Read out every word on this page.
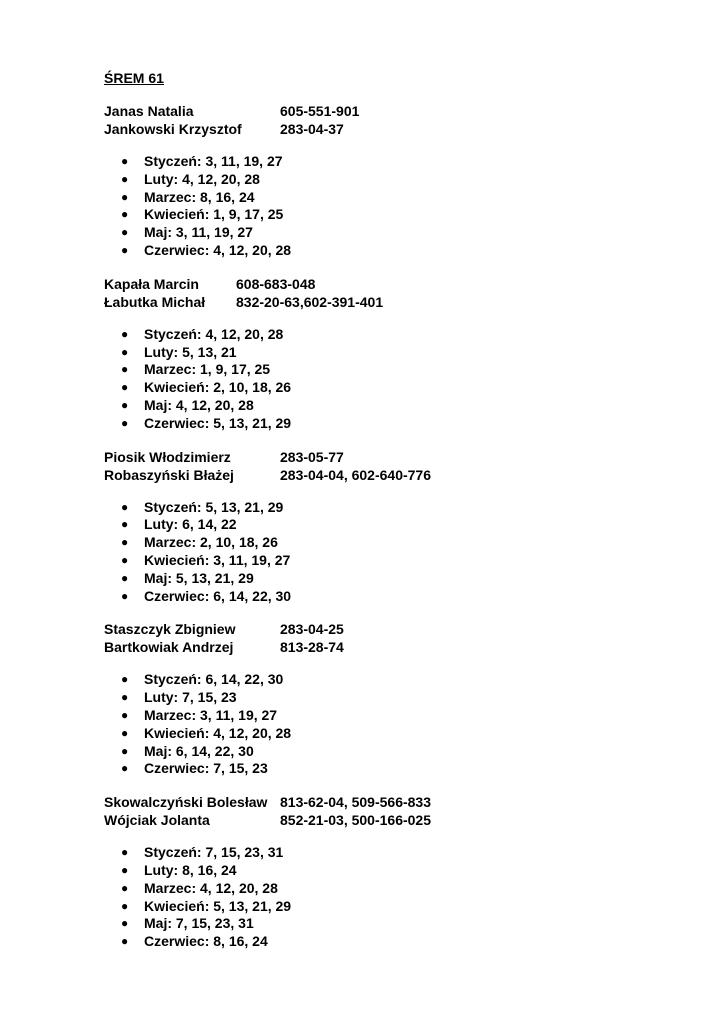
ŚREM 61
Janas Natalia	605-551-901
Jankowski Krzysztof	283-04-37
● Styczeń: 3, 11, 19, 27
● Luty: 4, 12, 20, 28
● Marzec: 8, 16, 24
● Kwiecień: 1, 9, 17, 25
● Maj: 3, 11, 19, 27
● Czerwiec: 4, 12, 20, 28
Kapała Marcin	608-683-048
Łabutka Michał	832-20-63,602-391-401
● Styczeń: 4, 12, 20, 28
● Luty: 5, 13, 21
● Marzec: 1, 9, 17, 25
● Kwiecień: 2, 10, 18, 26
● Maj: 4, 12, 20, 28
● Czerwiec: 5, 13, 21, 29
Piosik Włodzimierz	283-05-77
Robaszyński Błażej	283-04-04, 602-640-776
● Styczeń: 5, 13, 21, 29
● Luty: 6, 14, 22
● Marzec: 2, 10, 18, 26
● Kwiecień: 3, 11, 19, 27
● Maj: 5, 13, 21, 29
● Czerwiec: 6, 14, 22, 30
Staszczyk Zbigniew	283-04-25
Bartkowiak Andrzej	813-28-74
● Styczeń: 6, 14, 22, 30
● Luty: 7, 15, 23
● Marzec: 3, 11, 19, 27
● Kwiecień: 4, 12, 20, 28
● Maj: 6, 14, 22, 30
● Czerwiec: 7, 15, 23
Skowalczyński Bolesław 813-62-04, 509-566-833
Wójciak Jolanta	852-21-03, 500-166-025
● Styczeń: 7, 15, 23, 31
● Luty: 8, 16, 24
● Marzec: 4, 12, 20, 28
● Kwiecień: 5, 13, 21, 29
● Maj: 7, 15, 23, 31
● Czerwiec: 8, 16, 24
